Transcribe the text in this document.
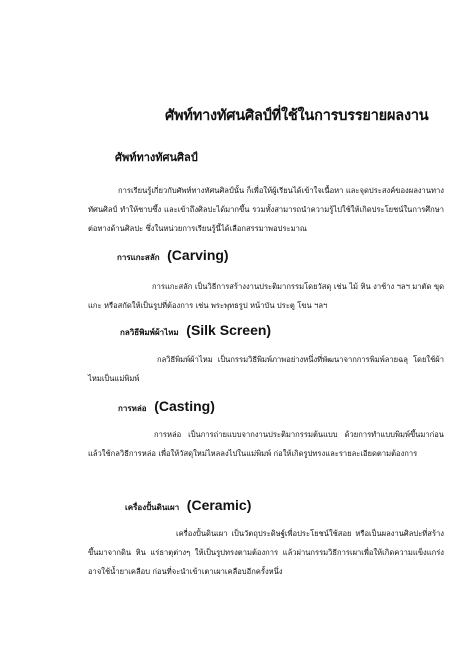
ศัพท์ทางทัศนศิลป์ที่ใช้ในการบรรยายผลงาน
ศัพท์ทางทัศนศิลป์
การเรียนรู้เกี่ยวกับศัพท์ทางทัศนศิลป์นั้น ก็เพื่อให้ผู้เรียนได้เข้าใจเนื้อหา และจุดประสงค์ของผลงานทางทัศนศิลป์ ทำให้ชาบซึ้ง และเข้าถึงศิลปะได้มากขึ้น รวมทั้งสามารถนำความรู้ไปใช้ให้เกิดประโยชน์ในการศึกษาต่อทางด้านศิลปะ ซึ่งในหน่วยการเรียนรู้นี้ได้เลือกสรรมาพอประมาณ
การแกะสลัก (Carving)
การแกะสลัก เป็นวิธีการสร้างงานประติมากรรมโดยวัสดุ เช่น ไม้ หิน งาช้าง ฯลฯ มาตัด ขุด แกะ หรือสกัดให้เป็นรูปที่ต้องการ เช่น พระพุทธรูป หน้าบัน ประตู โขน ฯลฯ
กลวิธีพิมพ์ผ้าไหม (Silk Screen)
กลวิธีพิมพ์ผ้าไหม เป็นกรรมวิธีพิมพ์ภาพอย่างหนึ่งที่พัฒนาจากการพิมพ์ลายฉลุ โดยใช้ผ้าไหมเป็นแม่พิมพ์
การหล่อ (Casting)
การหล่อ เป็นการถ่ายแบบจากงานประติมากรรมต้นแบบ ด้วยการทำแบบพิมพ์ขึ้นมาก่อน แล้วใช้กลวิธีการหล่อ เพื่อให้วัสดุใหม่ไหลลงไปในแม่พิมพ์ ก่อให้เกิดรูปทรงและรายละเอียดตามต้องการ
เครื่องปั้นดินเผา (Ceramic)
เครื่องปั้นดินเผา เป็นวัตถุประดิษฐ์เพื่อประโยชน์ใช้สอย หรือเป็นผลงานศิลปะที่สร้างขึ้นมาจากดิน หิน แร่ธาตุต่างๆ ให้เป็นรูปทรงตามต้องการ แล้วผ่านกรรมวิธีการเผาเพื่อให้เกิดความแข็งแกร่ง อาจใช้น้ำยาเคลือบ ก่อนที่จะนำเข้าเตาเผาเคลือบอีกครั้งหนึ่ง
